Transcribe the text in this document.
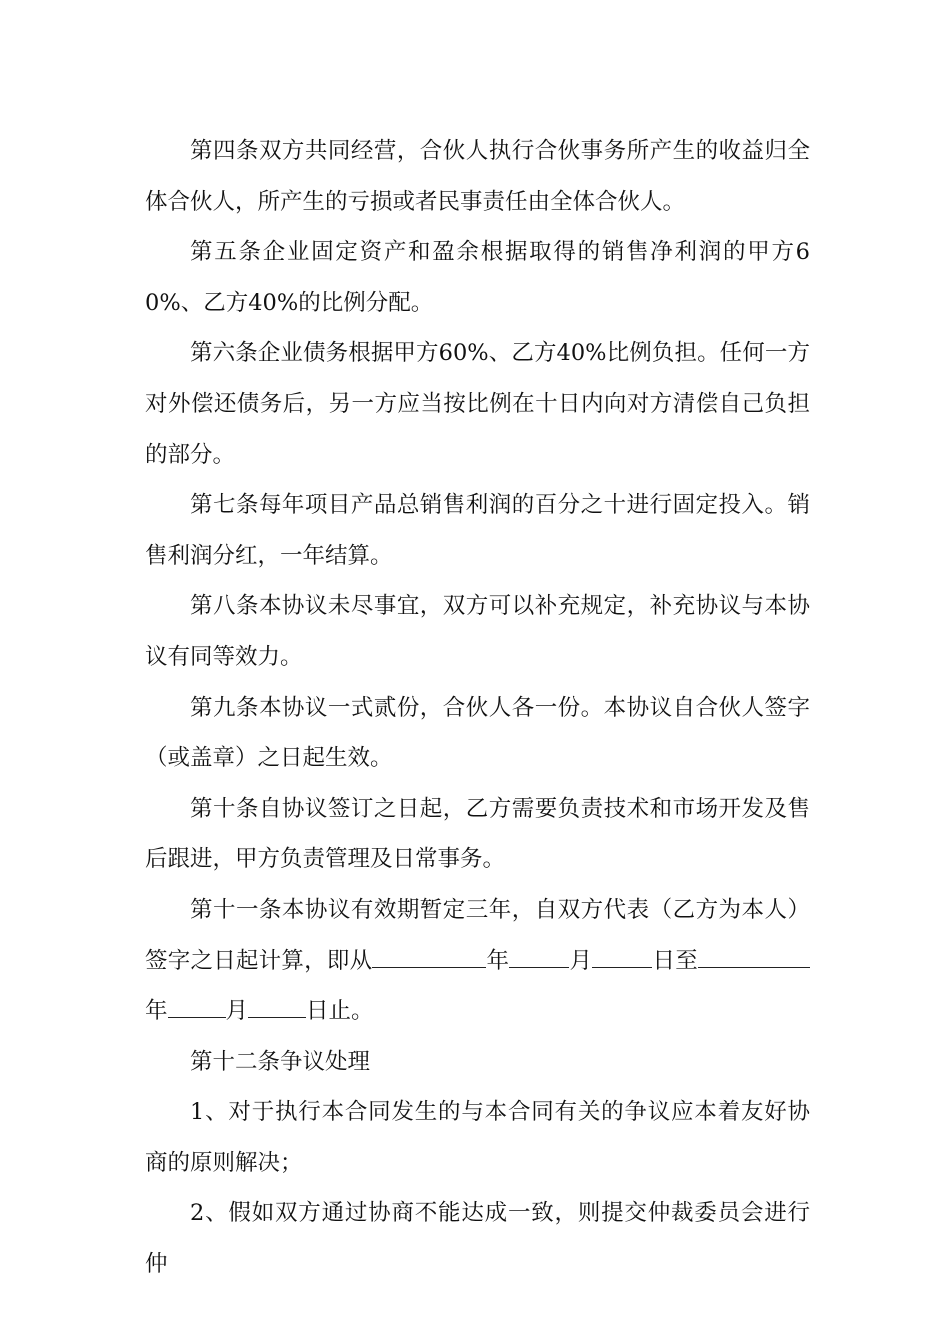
第四条双方共同经营，合伙人执行合伙事务所产生的收益归全体合伙人，所产生的亏损或者民事责任由全体合伙人。

第五条企业固定资产和盈余根据取得的销售净利润的甲方60%、乙方40%的比例分配。

第六条企业债务根据甲方60%、乙方40%比例负担。任何一方对外偿还债务后，另一方应当按比例在十日内向对方清偿自己负担的部分。

第七条每年项目产品总销售利润的百分之十进行固定投入。销售利润分红，一年结算。

第八条本协议未尽事宜，双方可以补充规定，补充协议与本协议有同等效力。

第九条本协议一式贰份，合伙人各一份。本协议自合伙人签字（或盖章）之日起生效。

第十条自协议签订之日起，乙方需要负责技术和市场开发及售后跟进，甲方负责管理及日常事务。

第十一条本协议有效期暂定三年，自双方代表（乙方为本人）签字之日起计算，即从	年	月	日至年	月	日止。

第十二条争议处理

1、对于执行本合同发生的与本合同有关的争议应本着友好协商的原则解决；

2、假如双方通过协商不能达成一致，则提交仲裁委员会进行仲
